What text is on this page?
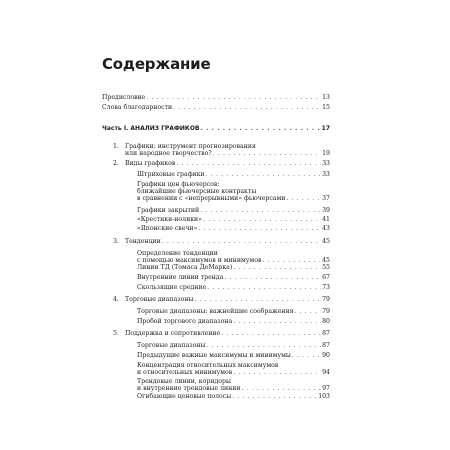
Содержание
Предисловие . . .	13
Слова благодарности . . .	15
Часть I. АНАЛИЗ ГРАФИКОВ . . .	17
1. Графики: инструмент прогнозирования
или народное творчество? . . .	19
2. Виды графиков . . .	33
Штриховые графики . . .	33
Графики цен фьючерсов:
ближайшие фьючерсные контракты
в сравнении с «непрерывными» фьючерсами . . .	37
Графики закрытий . . .	39
«Крестики-нолики» . . .	41
«Японские свечи» . . .	43
3. Тенденции . . .	45
Определение тенденции
с помощью максимумов и минимумов . . .	45
Линии ТД (Томаса ДеМарка) . . .	55
Внутренние линии тренда . . .	67
Скользящие средние . . .	73
4. Торговые диапазоны . . .	79
Торговые диапазоны: важнейшие соображения . . .	79
Пробой торгового диапазона . . .	80
5. Поддержка и сопротивление . . .	87
Торговые диапазоны . . .	87
Предыдущие важные максимумы и минимумы . . .	90
Концентрация относительных максимумов
и относительных минимумов . . .	94
Трендовые линии, коридоры
и внутренние трендовые линии . . .	97
Огибающие ценовые полосы . . .	103
